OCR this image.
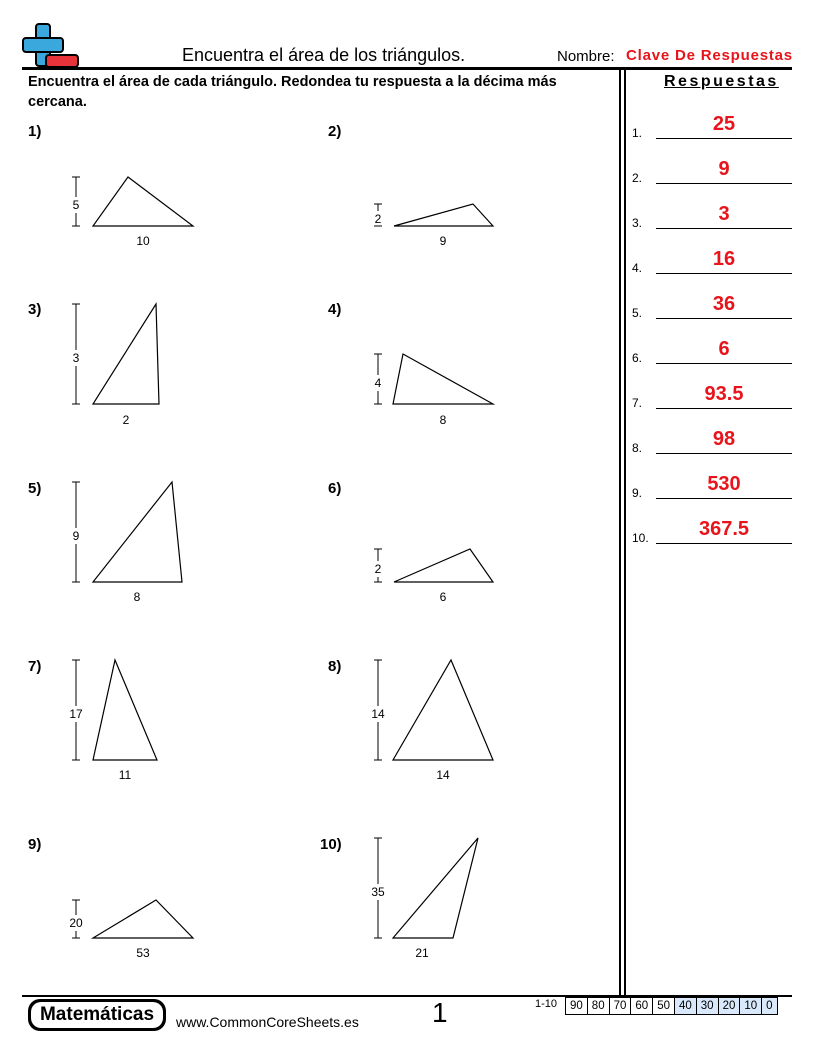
Encuentra el área de los triángulos.	Nombre: Clave De Respuestas
Encuentra el área de cada triángulo. Redondea tu respuesta a la décima más cercana.
Respuestas
1.	25
2.	9
3.	3
4.	16
5.	36
6.	6
7.	93.5
8.	98
9.	530
10.	367.5
1)	2)
3)	4)
5)	6)
7)	8)
9)	10)
5
10
2
9
3
2
4
8
9
8
2
6
17
11
14
14
20
53
35
21
Matemáticas	www.CommonCoreSheets.es	1	1-10 90	80	70	60	50	40	30	20	10	0
